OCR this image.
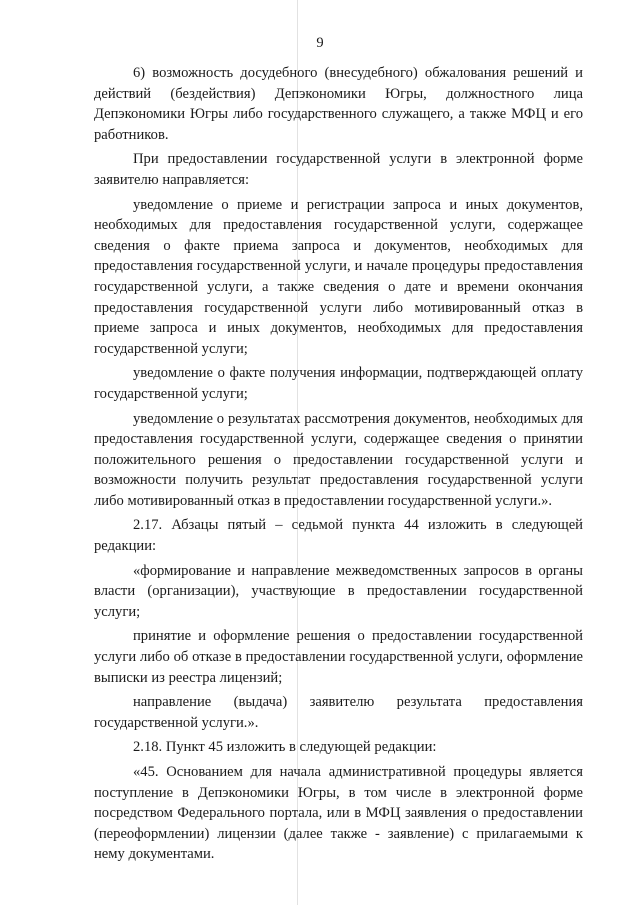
9

6) возможность досудебного (внесудебного) обжалования решений и действий (бездействия) Депэкономики Югры, должностного лица Депэкономики Югры либо государственного служащего, а также МФЦ и его работников.

При предоставлении государственной услуги в электронной форме заявителю направляется:

уведомление о приеме и регистрации запроса и иных документов, необходимых для предоставления государственной услуги, содержащее сведения о факте приема запроса и документов, необходимых для предоставления государственной услуги, и начале процедуры предоставления государственной услуги, а также сведения о дате и времени окончания предоставления государственной услуги либо мотивированный отказ в приеме запроса и иных документов, необходимых для предоставления государственной услуги;

уведомление о факте получения информации, подтверждающей оплату государственной услуги;

уведомление о результатах рассмотрения документов, необходимых для предоставления государственной услуги, содержащее сведения о принятии положительного решения о предоставлении государственной услуги и возможности получить результат предоставления государственной услуги либо мотивированный отказ в предоставлении государственной услуги.».

2.17. Абзацы пятый – седьмой пункта 44 изложить в следующей редакции:

«формирование и направление межведомственных запросов в органы власти (организации), участвующие в предоставлении государственной услуги;

принятие и оформление решения о предоставлении государственной услуги либо об отказе в предоставлении государственной услуги, оформление выписки из реестра лицензий;

направление (выдача) заявителю результата предоставления государственной услуги.».

2.18. Пункт 45 изложить в следующей редакции:

«45. Основанием для начала административной процедуры является поступление в Депэкономики Югры, в том числе в электронной форме посредством Федерального портала, или в МФЦ заявления о предоставлении (переоформлении) лицензии (далее также - заявление) с прилагаемыми к нему документами.
